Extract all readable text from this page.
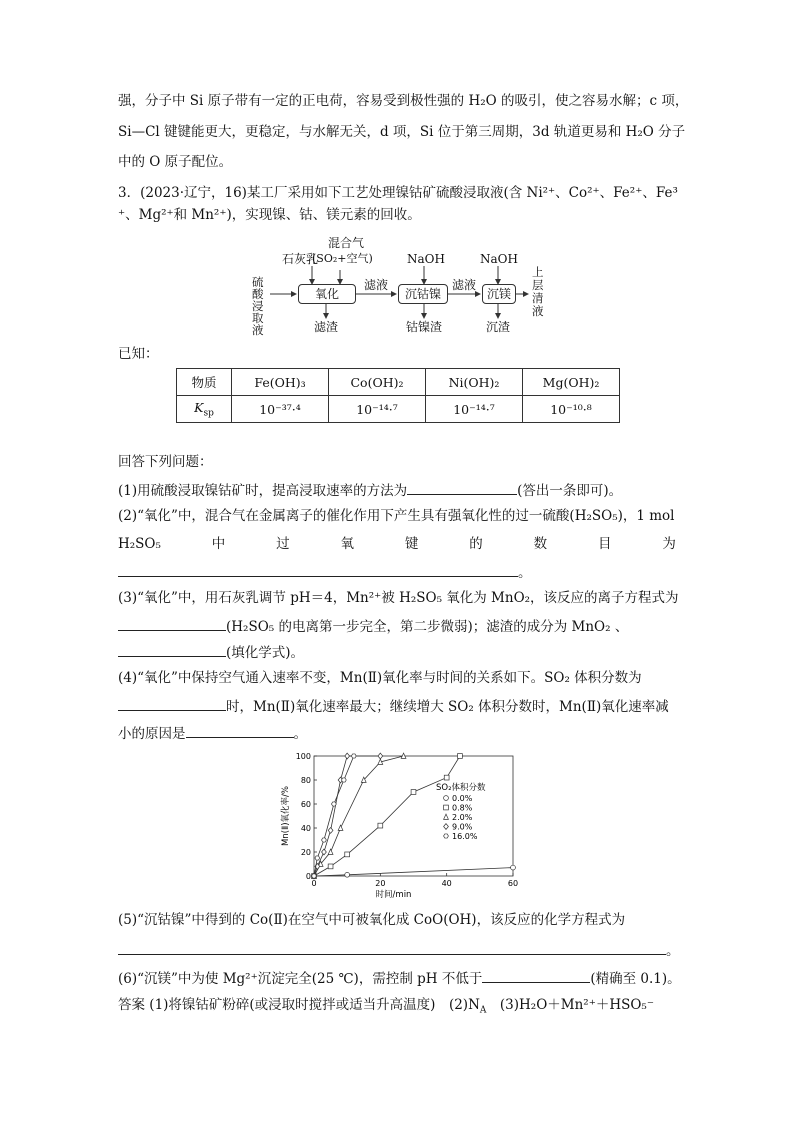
强，分子中 Si 原子带有一定的正电荷，容易受到极性强的 H₂O 的吸引，使之容易水解；c 项，
Si—Cl 键键能更大，更稳定，与水解无关，d 项，Si 位于第三周期，3d 轨道更易和 H₂O 分子
中的 O 原子配位。
3．(2023·辽宁，16)某工厂采用如下工艺处理镍钴矿硫酸浸取液(含 Ni²⁺、Co²⁺、Fe²⁺、Fe³
⁺、Mg²⁺和 Mn²⁺)，实现镍、钴、镁元素的回收。
硫
酸
浸
取
液
石灰乳
混合气
(SO₂+空气)	NaOH	NaOH
氧化	沉钴镍	沉镁
滤液	滤液
滤渣	钴镍渣	沉渣
上
层
清
液
已知：
物质	Fe(OH)₃	Co(OH)₂	Ni(OH)₂	Mg(OH)₂
$K_{sp}$	10⁻³⁷·⁴	10⁻¹⁴·⁷	10⁻¹⁴·⁷	10⁻¹⁰·⁸
回答下列问题：
(1)用硫酸浸取镍钴矿时，提高浸取速率的方法为	(答出一条即可)。
(2)“氧化”中，混合气在金属离子的催化作用下产生具有强氧化性的过一硫酸(H₂SO₅)，1 mol
H₂SO₅	中	过	氧	键	的	数	目	为
。
(3)“氧化”中，用石灰乳调节 pH＝4，Mn²⁺被 H₂SO₅ 氧化为 MnO₂，该反应的离子方程式为
(H₂SO₅ 的电离第一步完全，第二步微弱)；滤渣的成分为 MnO₂ 、
(填化学式)。
(4)“氧化”中保持空气通入速率不变，Mn(Ⅱ)氧化率与时间的关系如下。SO₂ 体积分数为
时，Mn(Ⅱ)氧化速率最大；继续增大 SO₂ 体积分数时，Mn(Ⅱ)氧化速率减
小的原因是	。
0	20	40	60
0
20
40
60
80
100
时间/min
Mn(Ⅱ)氧化率/%	SO₂体积分数
0.0%
0.8%
2.0%
9.0%
16.0%
(5)“沉钴镍”中得到的 Co(Ⅱ)在空气中可被氧化成 CoO(OH)，该反应的化学方程式为
。
(6)“沉镁”中为使 Mg²⁺沉淀完全(25 ℃)，需控制 pH 不低于	(精确至 0.1)。
答案 (1)将镍钴矿粉碎(或浸取时搅拌或适当升高温度)　$(2)N_A$　(3)H₂O＋Mn²⁺＋HSO₅⁻
